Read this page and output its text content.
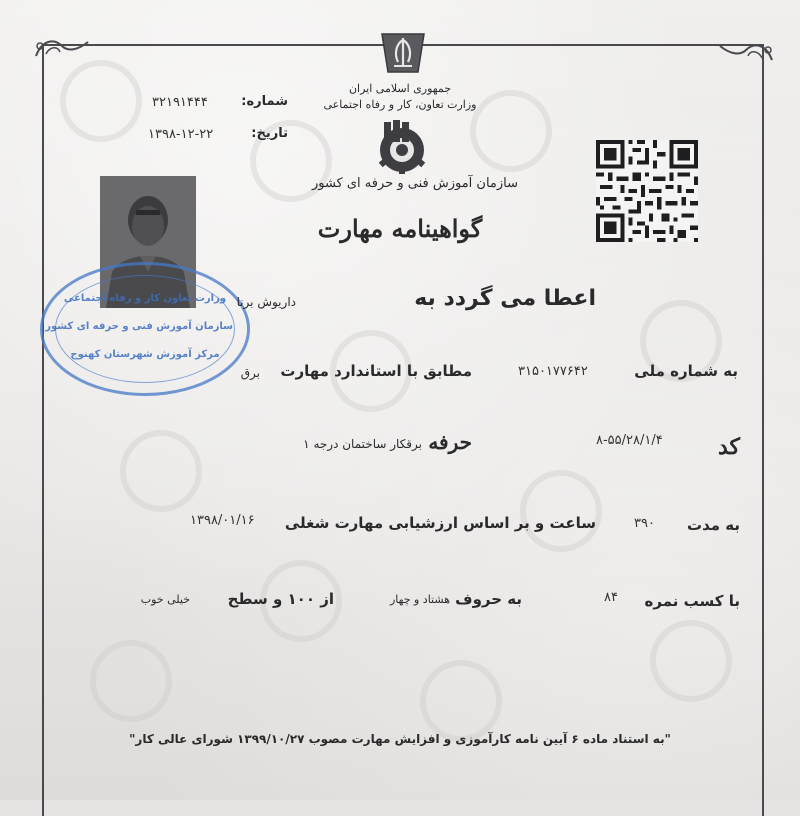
جمهوری اسلامی ایران
وزارت تعاون، کار و رفاه اجتماعی
سازمان آموزش فنی و حرفه ای کشور
شماره:
۳۲۱۹۱۴۴۴
تاریخ:
۱۳۹۸-۱۲-۲۲
وزارت تعاون کار و رفاه اجتماعی
سازمان آموزش فنی و حرفه ای کشور
مرکز آموزش شهرستان کهنوج
گواهینامه مهارت
اعطا می گردد به
داریوش برنا
به شماره ملی
۳۱۵۰۱۷۷۶۴۲
مطابق با استاندارد مهارت
برق
کد
۸-۵۵/۲۸/۱/۴
حرفه
برقکار ساختمان درجه ۱
به مدت
۳۹۰
ساعت و بر اساس ارزشیابی مهارت شغلی
۱۳۹۸/۰۱/۱۶
با کسب نمره
۸۴
به حروف
هشتاد و چهار
از ۱۰۰ و سطح
خیلی خوب
"به استناد ماده ۶ آیین نامه کارآموزی و افزایش مهارت مصوب ۱۳۹۹/۱۰/۲۷ شورای عالی کار"
